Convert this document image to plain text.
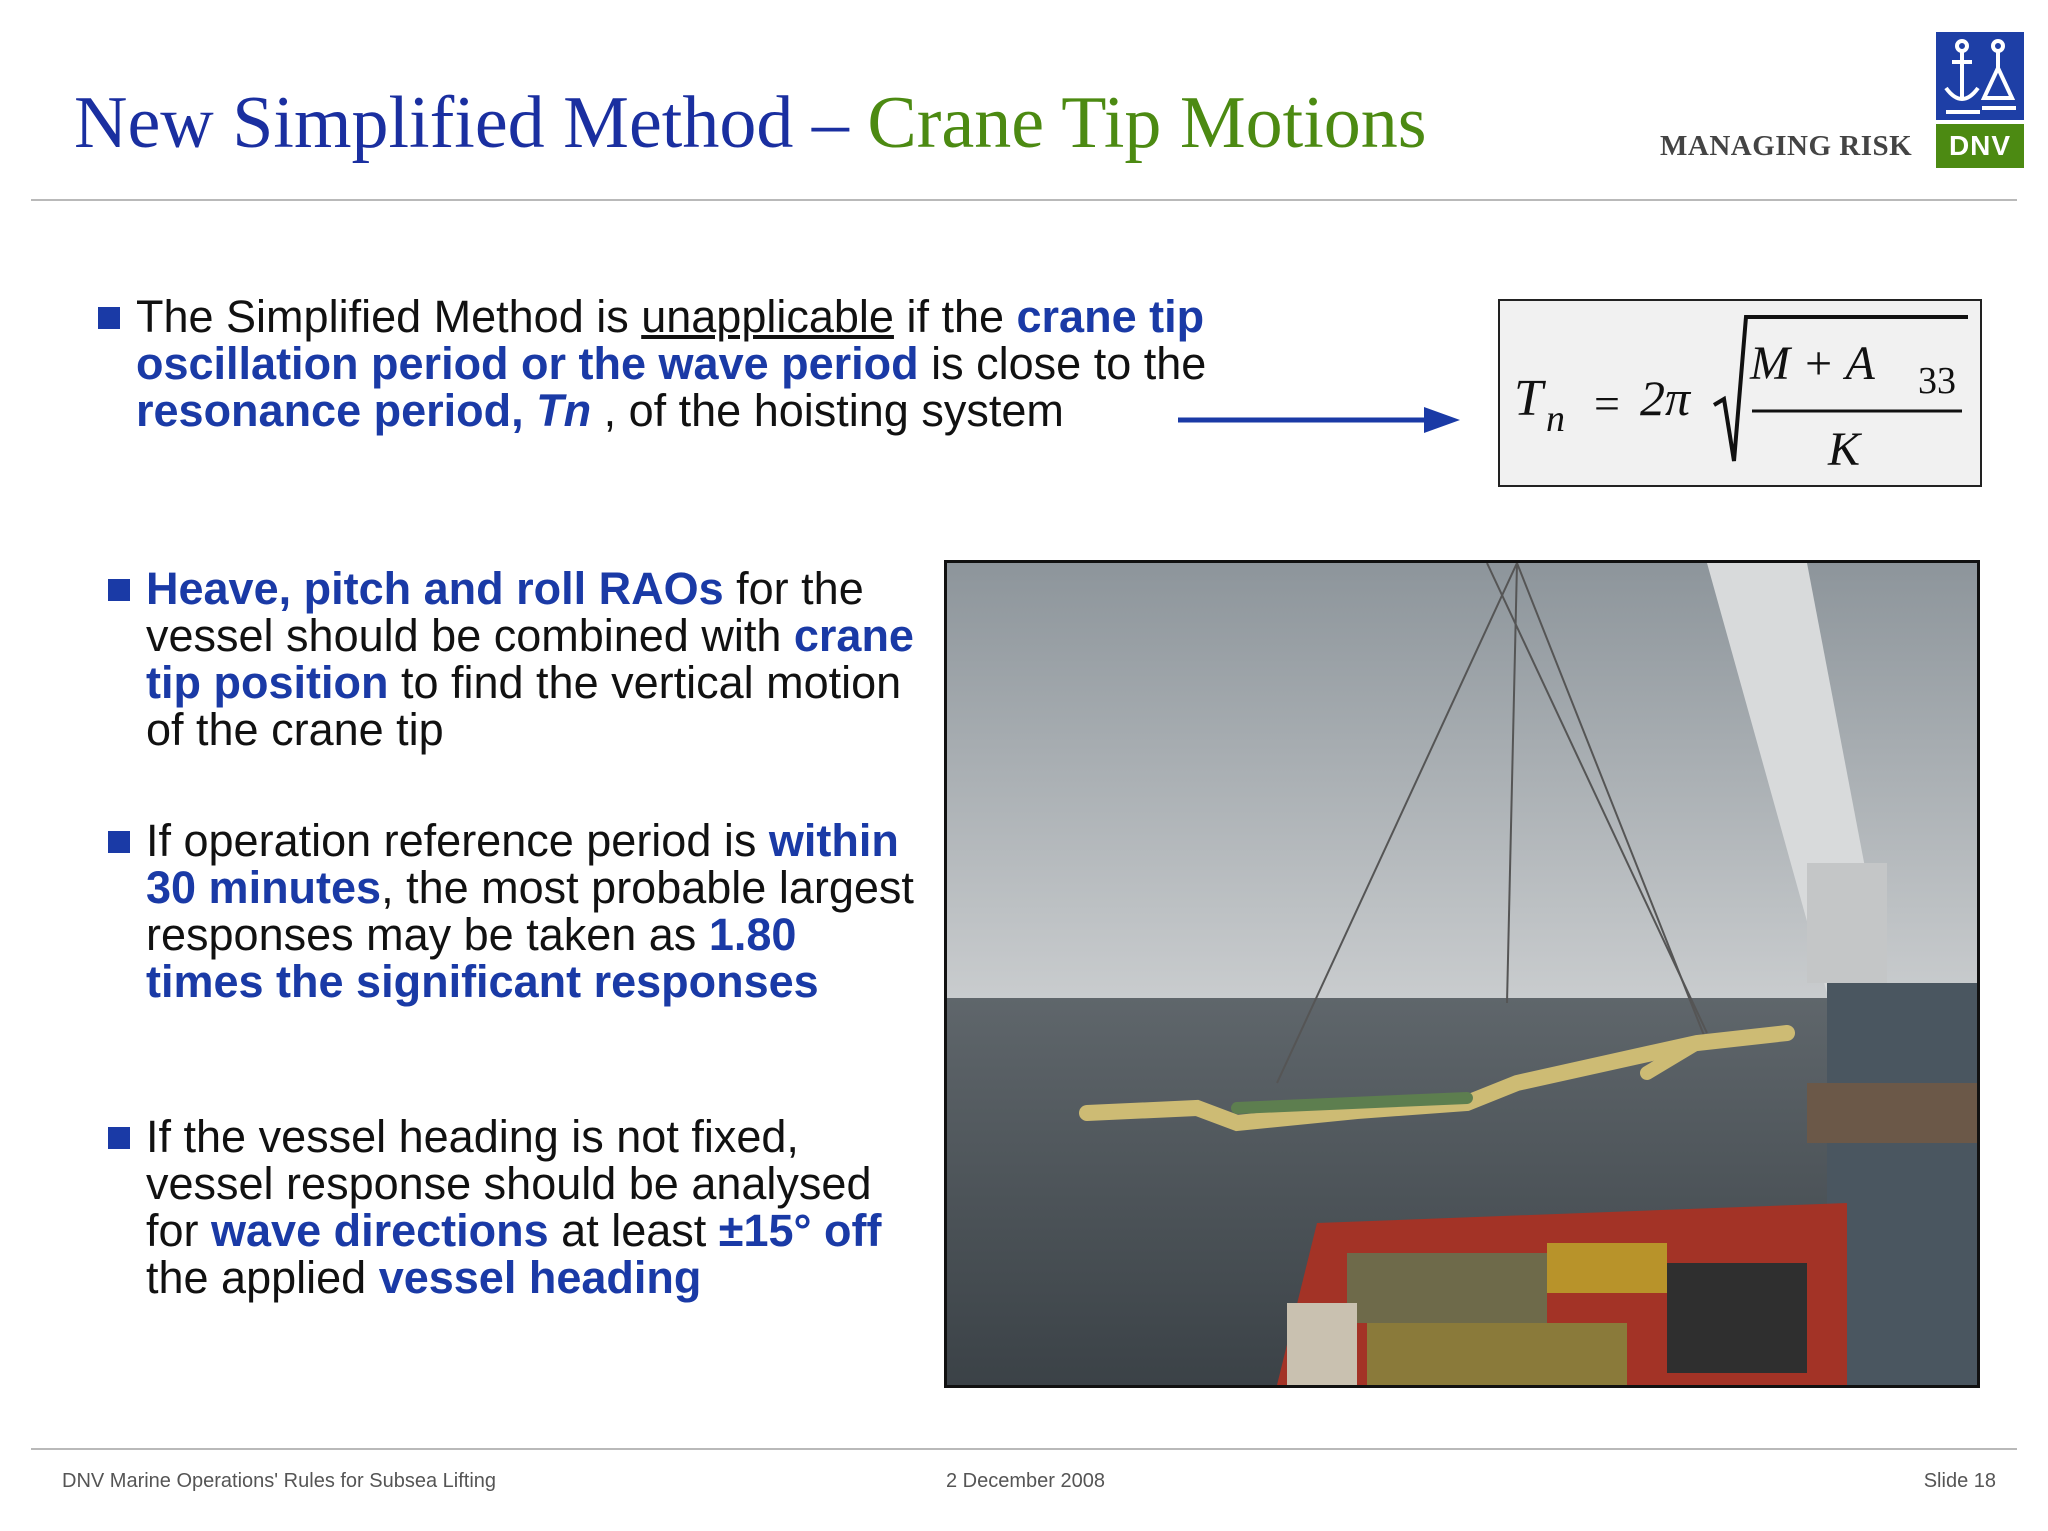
New Simplified Method – Crane Tip Motions	MANAGING RISK	DNV
The Simplified Method is unapplicable if the crane tip oscillation period or the wave period is close to the resonance period, Tn , of the hoisting system	T n = 2π
M + A 33
K
Heave, pitch and roll RAOs for the vessel should be combined with crane tip position to find the vertical motion of the crane tip
If operation reference period is within 30 minutes, the most probable largest responses may be taken as 1.80 times the significant responses
If the vessel heading is not fixed, vessel response should be analysed for wave directions at least ±15° off the applied vessel heading
DNV Marine Operations' Rules for Subsea Lifting	2 December 2008	Slide 18
